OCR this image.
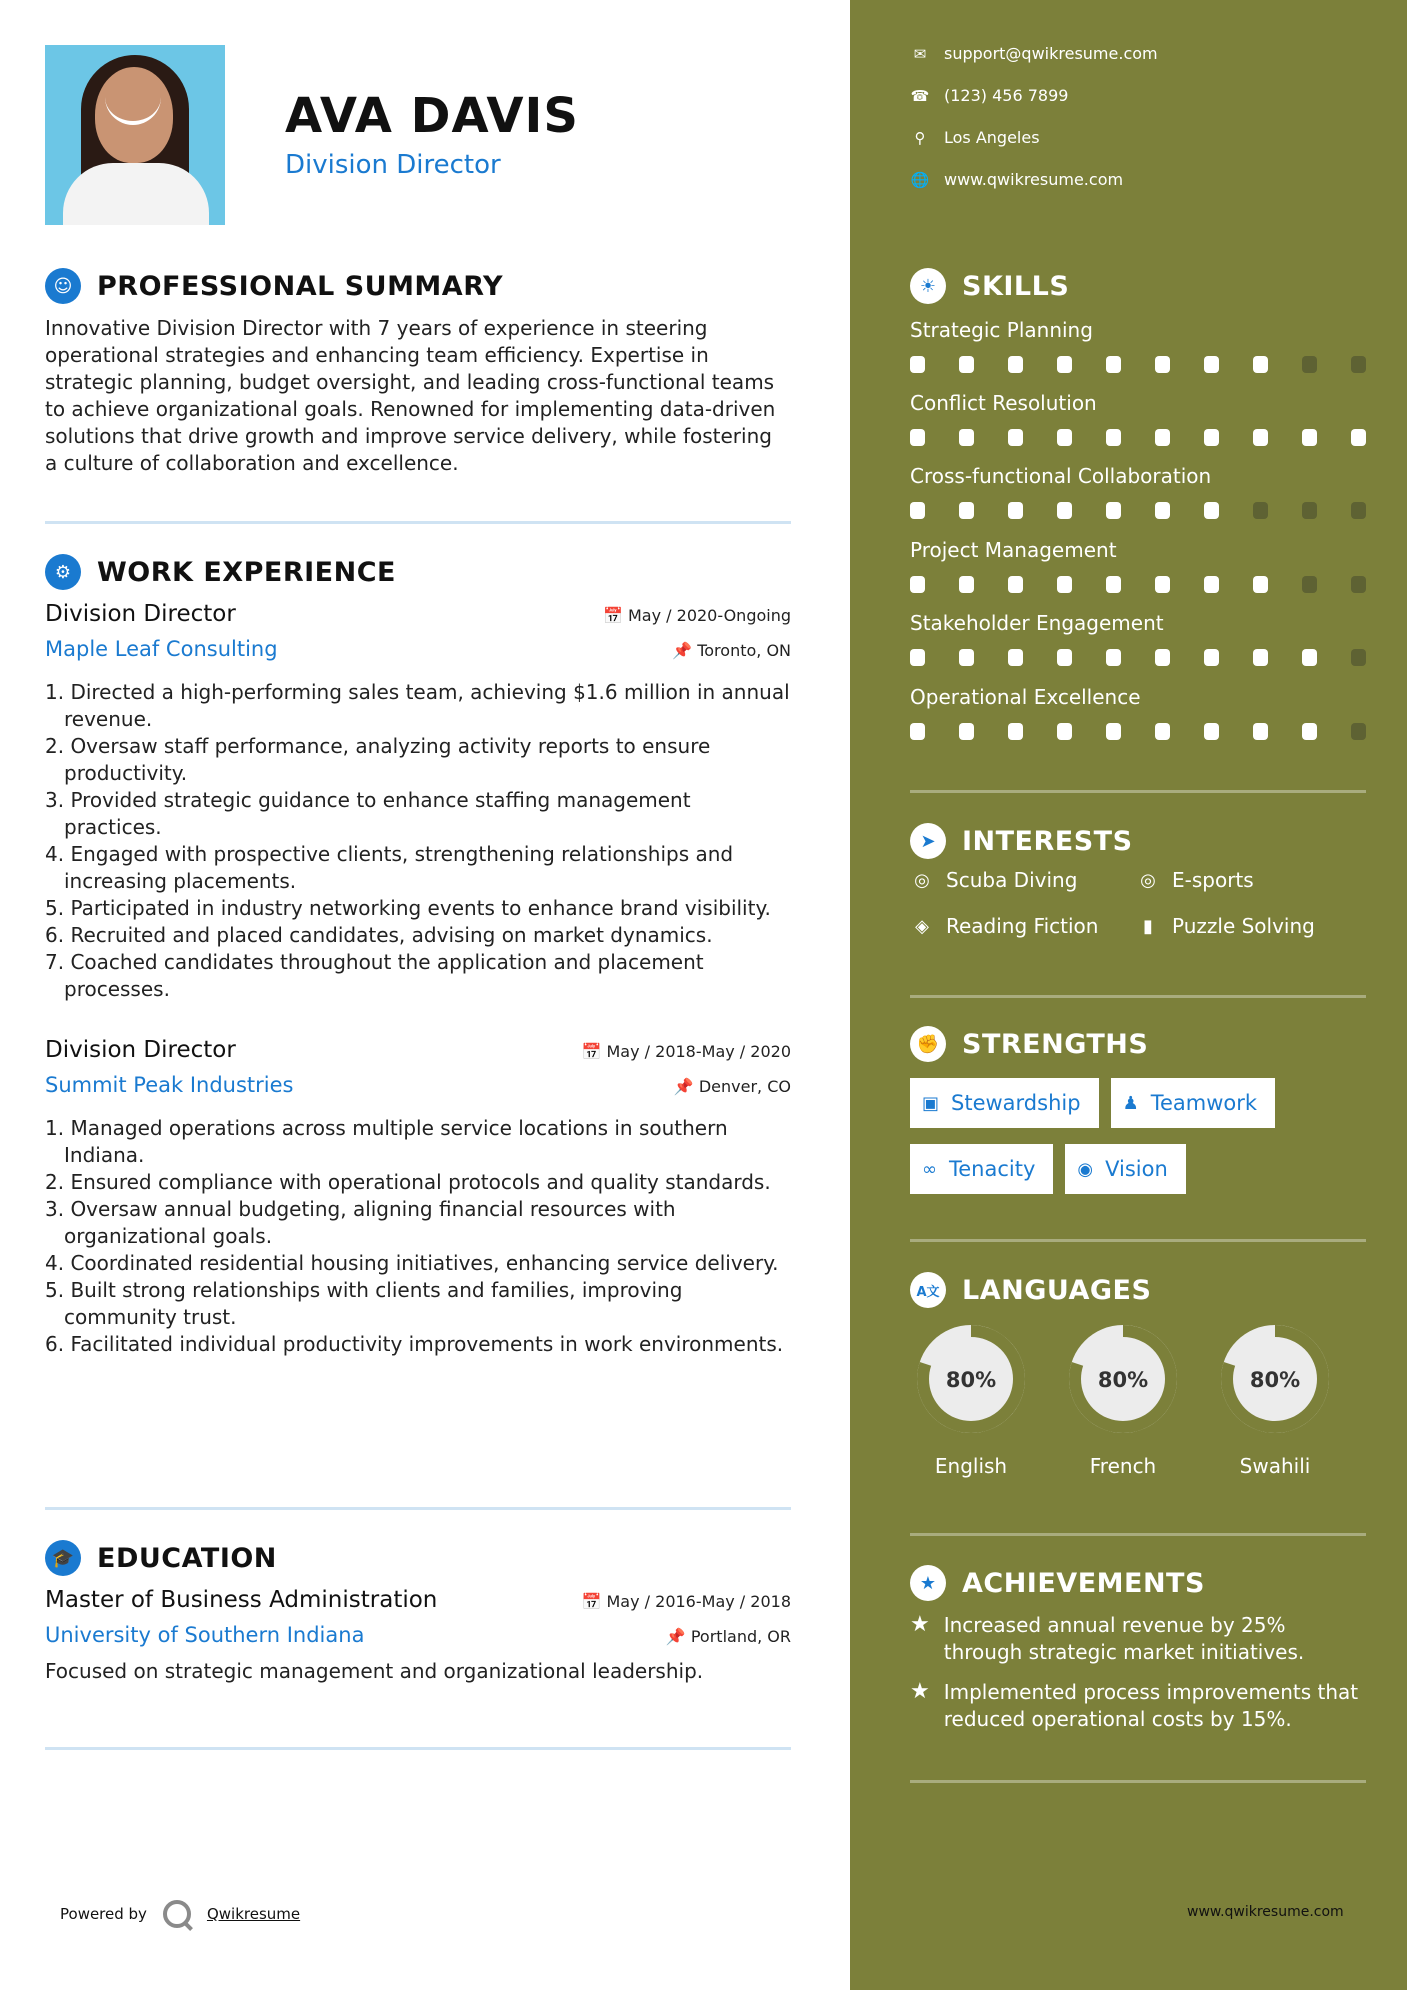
AVA DAVIS
Division Director
☺ PROFESSIONAL SUMMARY
Innovative Division Director with 7 years of experience in steering operational strategies and enhancing team efficiency. Expertise in strategic planning, budget oversight, and leading cross-functional teams to achieve organizational goals. Renowned for implementing data-driven solutions that drive growth and improve service delivery, while fostering a culture of collaboration and excellence.
⚙ WORK EXPERIENCE
Division Director	📅 May / 2020-Ongoing
Maple Leaf Consulting	📌 Toronto, ON
1. Directed a high-performing sales team, achieving $1.6 million in annual revenue.
2. Oversaw staff performance, analyzing activity reports to ensure productivity.
3. Provided strategic guidance to enhance staffing management practices.
4. Engaged with prospective clients, strengthening relationships and increasing placements.
5. Participated in industry networking events to enhance brand visibility.
6. Recruited and placed candidates, advising on market dynamics.
7. Coached candidates throughout the application and placement processes.
Division Director	📅 May / 2018-May / 2020
Summit Peak Industries	📌 Denver, CO
1. Managed operations across multiple service locations in southern Indiana.
2. Ensured compliance with operational protocols and quality standards.
3. Oversaw annual budgeting, aligning financial resources with organizational goals.
4. Coordinated residential housing initiatives, enhancing service delivery.
5. Built strong relationships with clients and families, improving community trust.
6. Facilitated individual productivity improvements in work environments.
🎓 EDUCATION
Master of Business Administration	📅 May / 2016-May / 2018
University of Southern Indiana	📌 Portland, OR
Focused on strategic management and organizational leadership.
Powered by	Qwikresume
✉ support@qwikresume.com
☎ (123) 456 7899
⚲ Los Angeles
🌐 www.qwikresume.com
☀ SKILLS
Strategic Planning
Conflict Resolution
Cross-functional Collaboration
Project Management
Stakeholder Engagement
Operational Excellence
➤ INTERESTS
◎ Scuba Diving	◎ E-sports
◈ Reading Fiction	▮ Puzzle Solving
✊ STRENGTHS
▣ Stewardship ♟ Teamwork
∞ Tenacity ◉ Vision
A文 LANGUAGES
80%
English
80%
French
80%
Swahili
★ ACHIEVEMENTS
★ Increased annual revenue by 25% through strategic market initiatives.
★ Implemented process improvements that reduced operational costs by 15%.
www.qwikresume.com
